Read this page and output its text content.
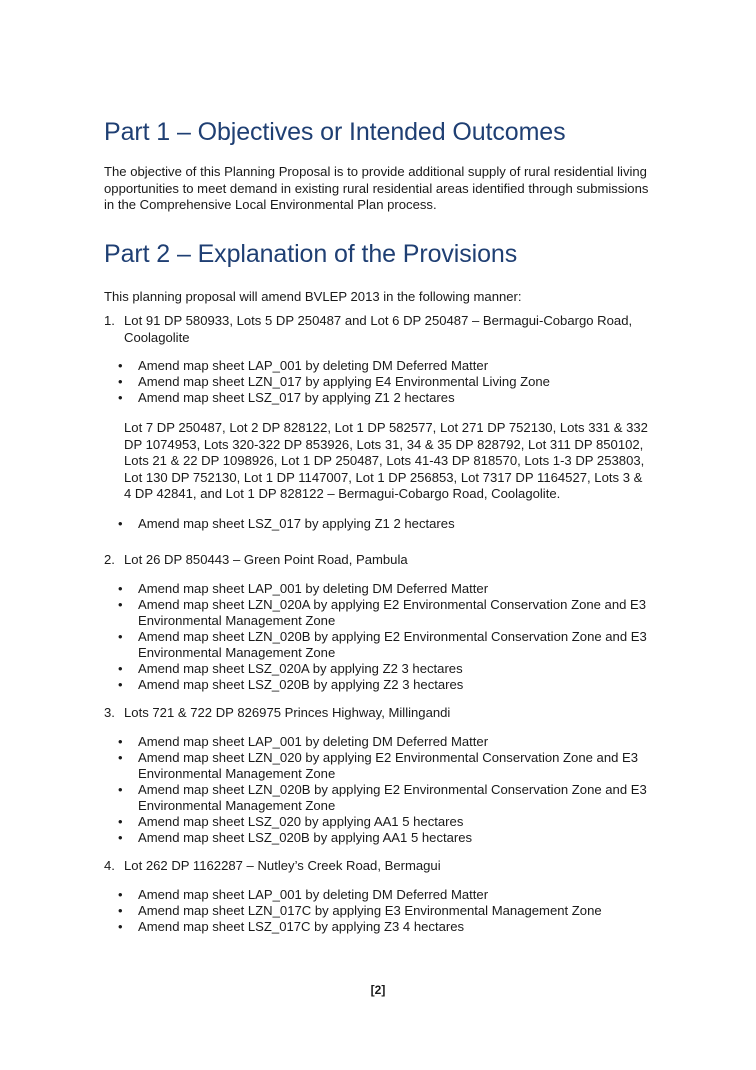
Part 1 – Objectives or Intended Outcomes

The objective of this Planning Proposal is to provide additional supply of rural residential living opportunities to meet demand in existing rural residential areas identified through submissions in the Comprehensive Local Environmental Plan process.

Part 2 – Explanation of the Provisions

This planning proposal will amend BVLEP 2013 in the following manner:

1. Lot 91 DP 580933, Lots 5 DP 250487 and Lot 6 DP 250487 – Bermagui-Cobargo Road, Coolagolite
• Amend map sheet LAP_001 by deleting DM Deferred Matter
• Amend map sheet LZN_017 by applying E4 Environmental Living Zone
• Amend map sheet LSZ_017 by applying Z1 2 hectares
Lot 7 DP 250487, Lot 2 DP 828122, Lot 1 DP 582577, Lot 271 DP 752130, Lots 331 & 332 DP 1074953, Lots 320-322 DP 853926, Lots 31, 34 & 35 DP 828792, Lot 311 DP 850102, Lots 21 & 22 DP 1098926, Lot 1 DP 250487, Lots 41-43 DP 818570, Lots 1-3 DP 253803, Lot 130 DP 752130, Lot 1 DP 1147007, Lot 1 DP 256853, Lot 7317 DP 1164527, Lots 3 & 4 DP 42841, and Lot 1 DP 828122 – Bermagui-Cobargo Road, Coolagolite.
• Amend map sheet LSZ_017 by applying Z1 2 hectares
2. Lot 26 DP 850443 – Green Point Road, Pambula
• Amend map sheet LAP_001 by deleting DM Deferred Matter
• Amend map sheet LZN_020A by applying E2 Environmental Conservation Zone and E3 Environmental Management Zone
• Amend map sheet LZN_020B by applying E2 Environmental Conservation Zone and E3 Environmental Management Zone
• Amend map sheet LSZ_020A by applying Z2 3 hectares
• Amend map sheet LSZ_020B by applying Z2 3 hectares
3. Lots 721 & 722 DP 826975 Princes Highway, Millingandi
• Amend map sheet LAP_001 by deleting DM Deferred Matter
• Amend map sheet LZN_020 by applying E2 Environmental Conservation Zone and E3 Environmental Management Zone
• Amend map sheet LZN_020B by applying E2 Environmental Conservation Zone and E3 Environmental Management Zone
• Amend map sheet LSZ_020 by applying AA1 5 hectares
• Amend map sheet LSZ_020B by applying AA1 5 hectares
4. Lot 262 DP 1162287 – Nutley’s Creek Road, Bermagui
• Amend map sheet LAP_001 by deleting DM Deferred Matter
• Amend map sheet LZN_017C by applying E3 Environmental Management Zone
• Amend map sheet LSZ_017C by applying Z3 4 hectares
[2]
